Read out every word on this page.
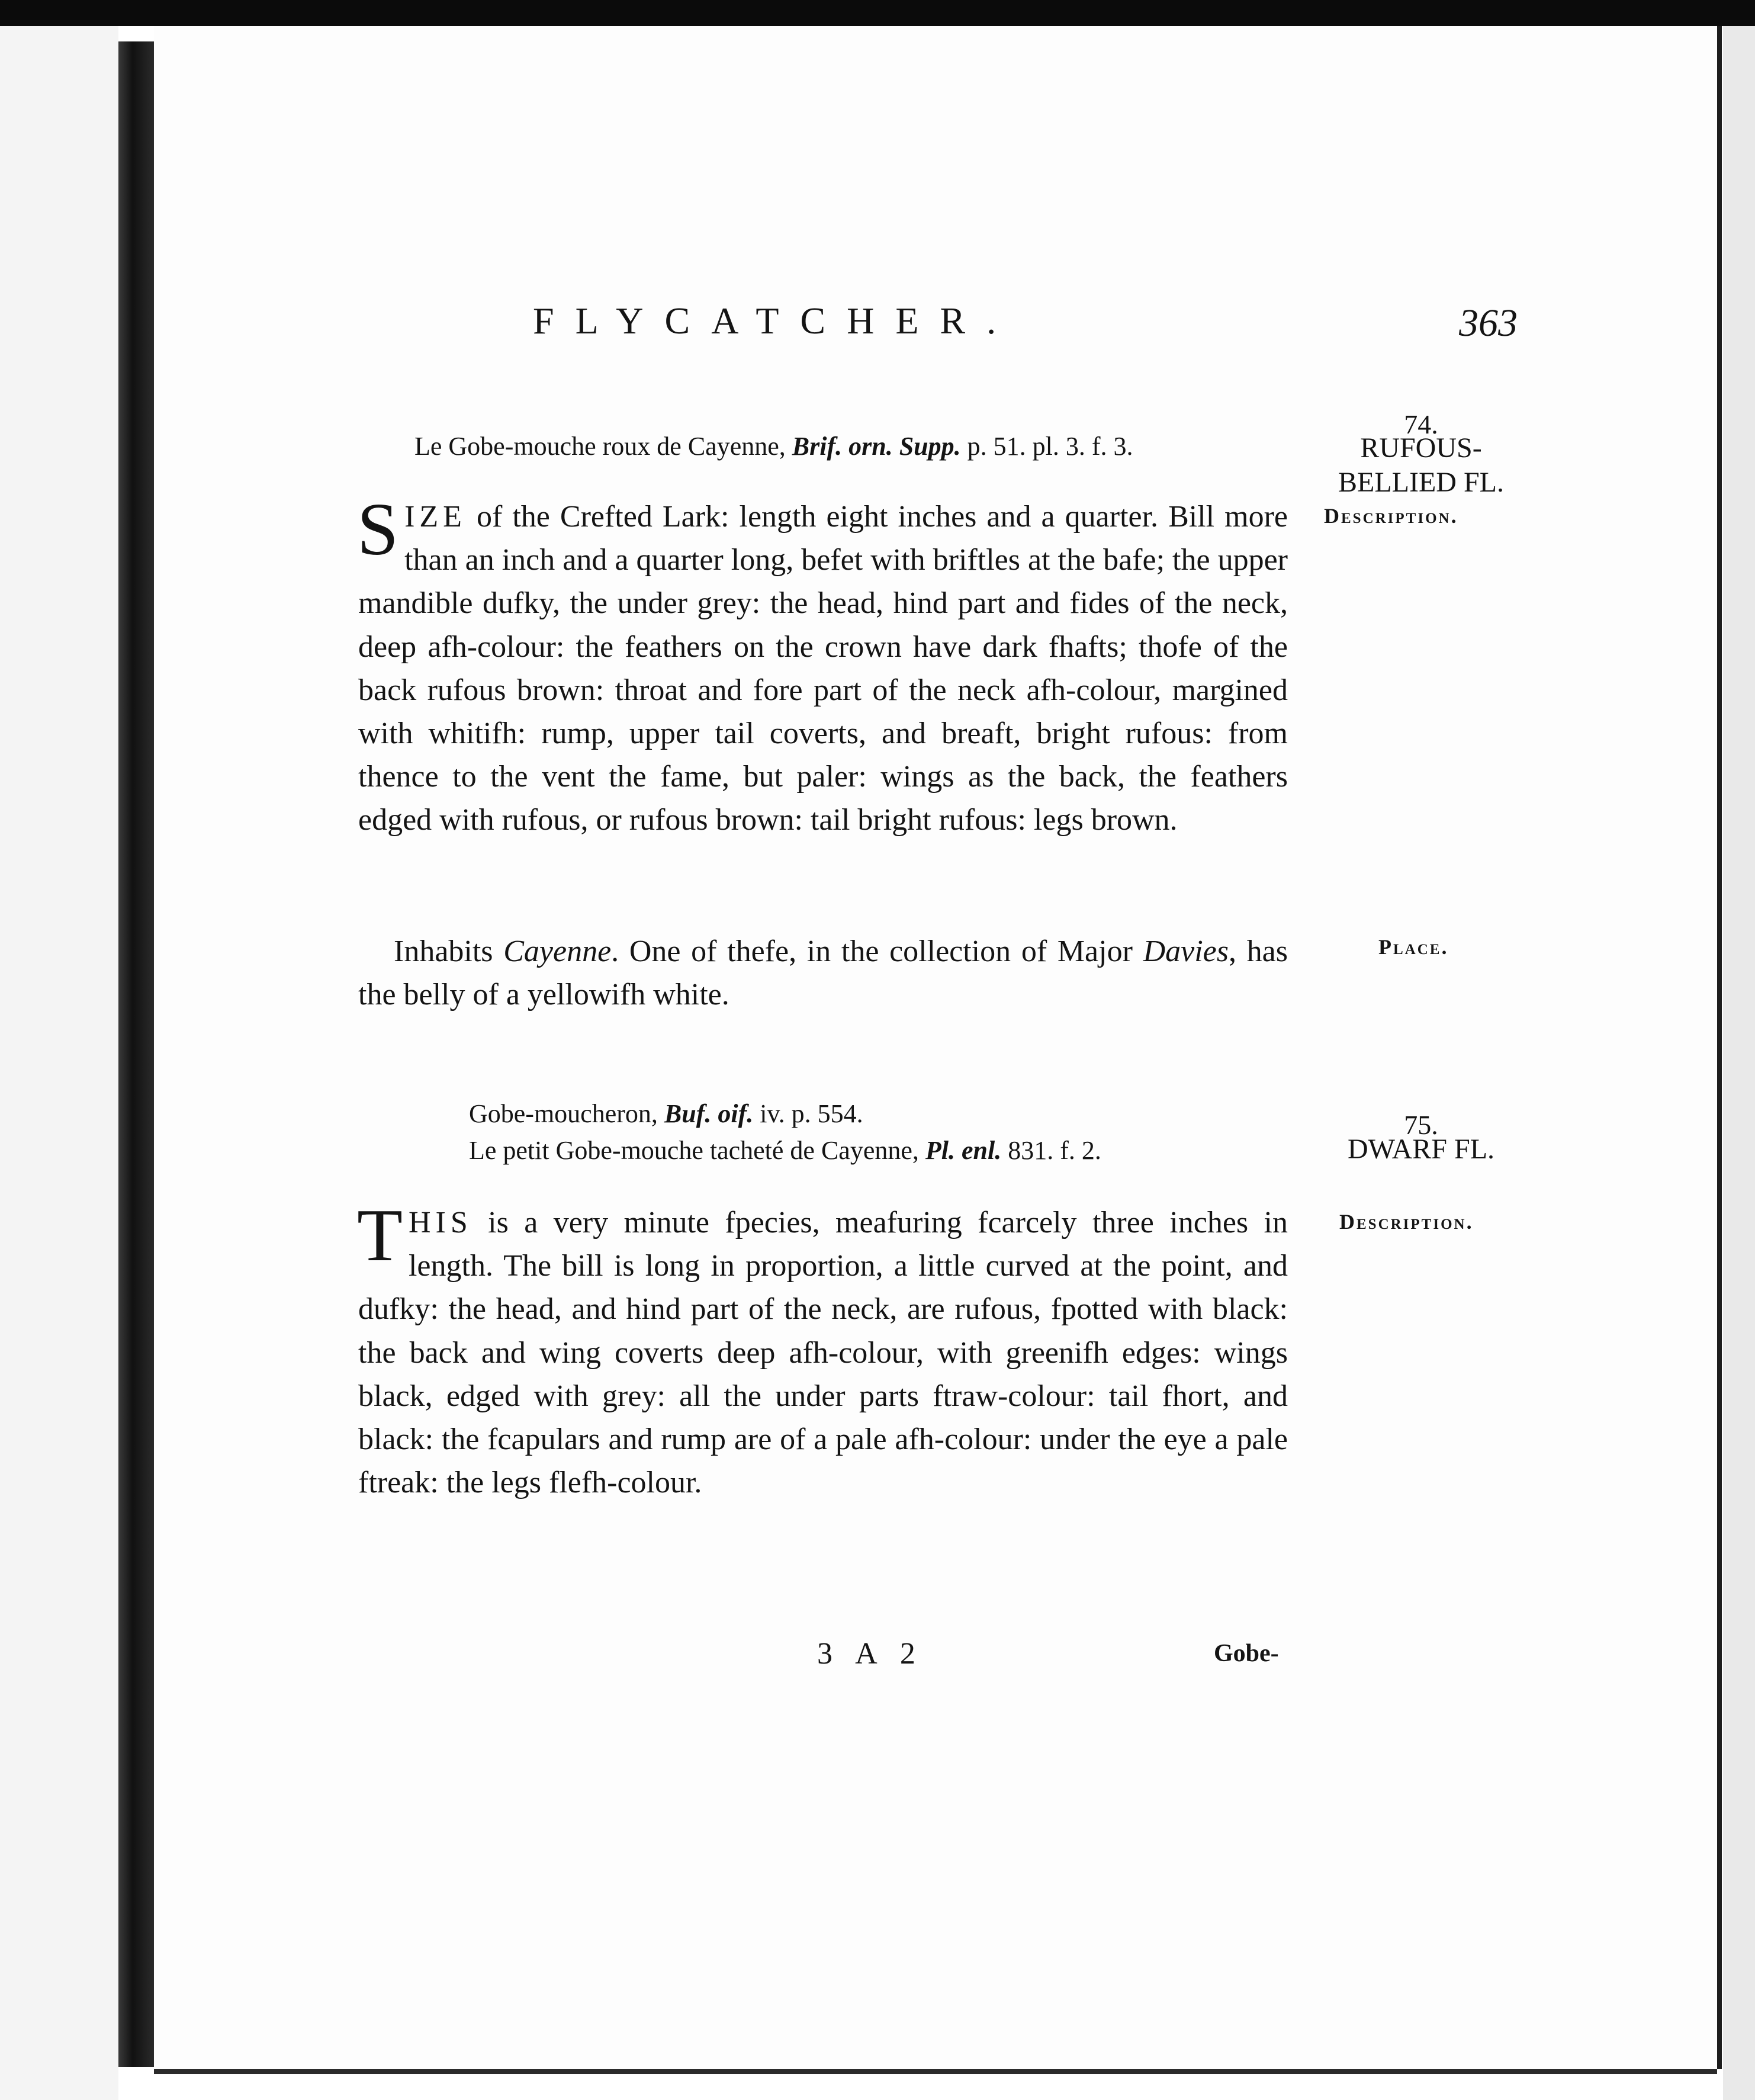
FLYCATCHER.	363
Le Gobe-mouche roux de Cayenne, Brif. orn. Supp. p. 51. pl. 3. f. 3.
74.
RUFOUS-
BELLIED FL.
Description.
SIZE of the Crefted Lark: length eight inches and a quarter. Bill more than an inch and a quarter long, befet with briftles at the bafe; the upper mandible dufky, the under grey: the head, hind part and fides of the neck, deep afh-colour: the feathers on the crown have dark fhafts; thofe of the back rufous brown: throat and fore part of the neck afh-colour, margined with whitifh: rump, upper tail coverts, and breaft, bright rufous: from thence to the vent the fame, but paler: wings as the back, the feathers edged with rufous, or rufous brown: tail bright rufous: legs brown.
Place.
Inhabits Cayenne. One of thefe, in the collection of Major Davies, has the belly of a yellowifh white.
Gobe-moucheron, Buf. oif. iv. p. 554.
Le petit Gobe-mouche tacheté de Cayenne, Pl. enl. 831. f. 2.
75.
DWARF FL.
Description.
THIS is a very minute fpecies, meafuring fcarcely three inches in length. The bill is long in proportion, a little curved at the point, and dufky: the head, and hind part of the neck, are rufous, fpotted with black: the back and wing coverts deep afh-colour, with greenifh edges: wings black, edged with grey: all the under parts ftraw-colour: tail fhort, and black: the fcapulars and rump are of a pale afh-colour: under the eye a pale ftreak: the legs flefh-colour.
3 A 2	Gobe-
